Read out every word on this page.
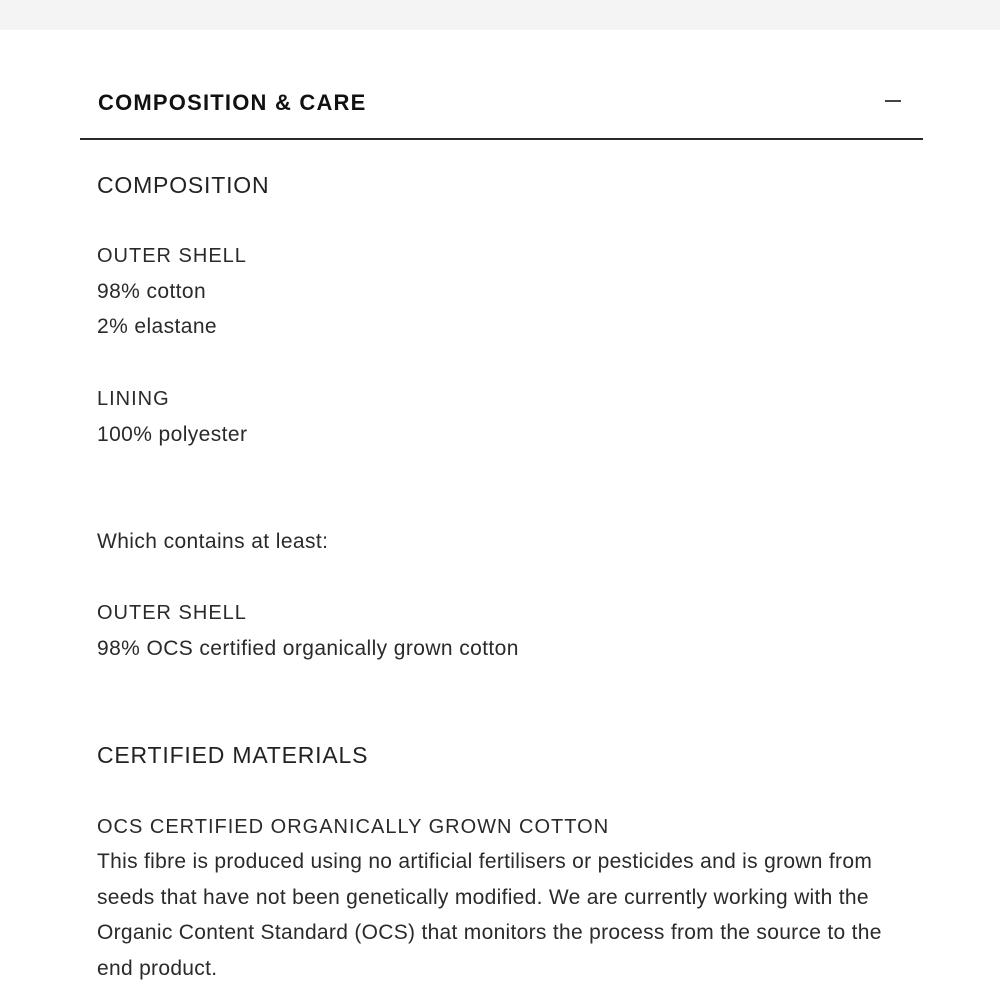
COMPOSITION & CARE
COMPOSITION
OUTER SHELL
98% cotton
2% elastane
LINING
100% polyester
Which contains at least:
OUTER SHELL
98% OCS certified organically grown cotton
CERTIFIED MATERIALS
OCS CERTIFIED ORGANICALLY GROWN COTTON
This fibre is produced using no artificial fertilisers or pesticides and is grown from seeds that have not been genetically modified. We are currently working with the Organic Content Standard (OCS) that monitors the process from the source to the end product.
